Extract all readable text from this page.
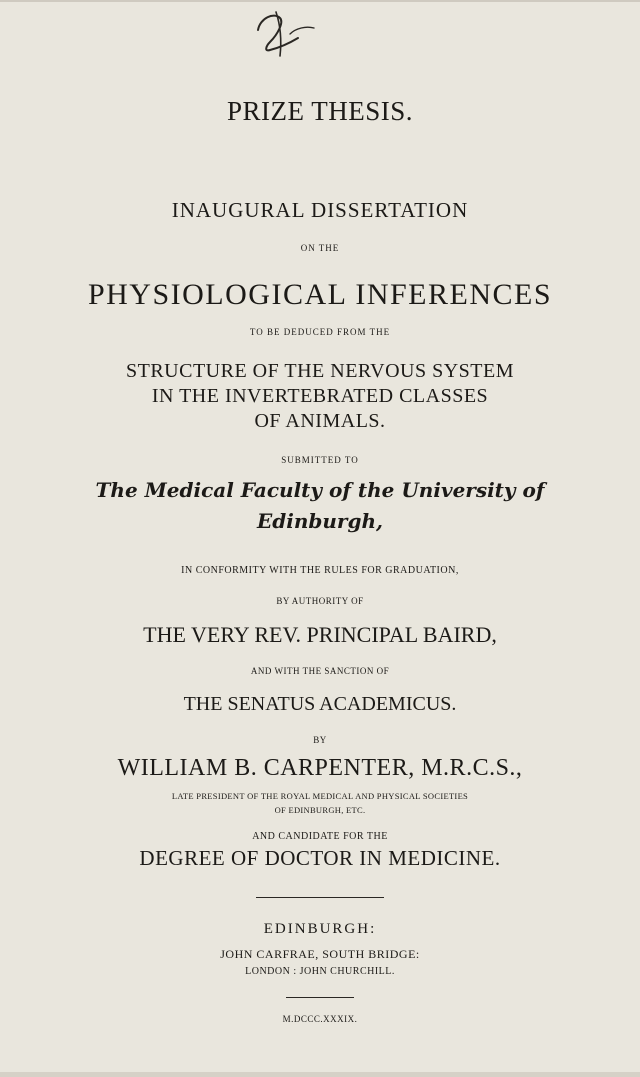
PRIZE THESIS.
INAUGURAL DISSERTATION
ON THE
PHYSIOLOGICAL INFERENCES
TO BE DEDUCED FROM THE
STRUCTURE OF THE NERVOUS SYSTEM
IN THE INVERTEBRATED CLASSES
OF ANIMALS.
SUBMITTED TO
The Medical Faculty of the University of
Edinburgh,
IN CONFORMITY WITH THE RULES FOR GRADUATION,
BY AUTHORITY OF
THE VERY REV. PRINCIPAL BAIRD,
AND WITH THE SANCTION OF
THE SENATUS ACADEMICUS.
BY
WILLIAM B. CARPENTER, M.R.C.S.,
LATE PRESIDENT OF THE ROYAL MEDICAL AND PHYSICAL SOCIETIES
OF EDINBURGH, ETC.
AND CANDIDATE FOR THE
DEGREE OF DOCTOR IN MEDICINE.
EDINBURGH:
JOHN CARFRAE, SOUTH BRIDGE:
LONDON : JOHN CHURCHILL.
M.DCCC.XXXIX.
